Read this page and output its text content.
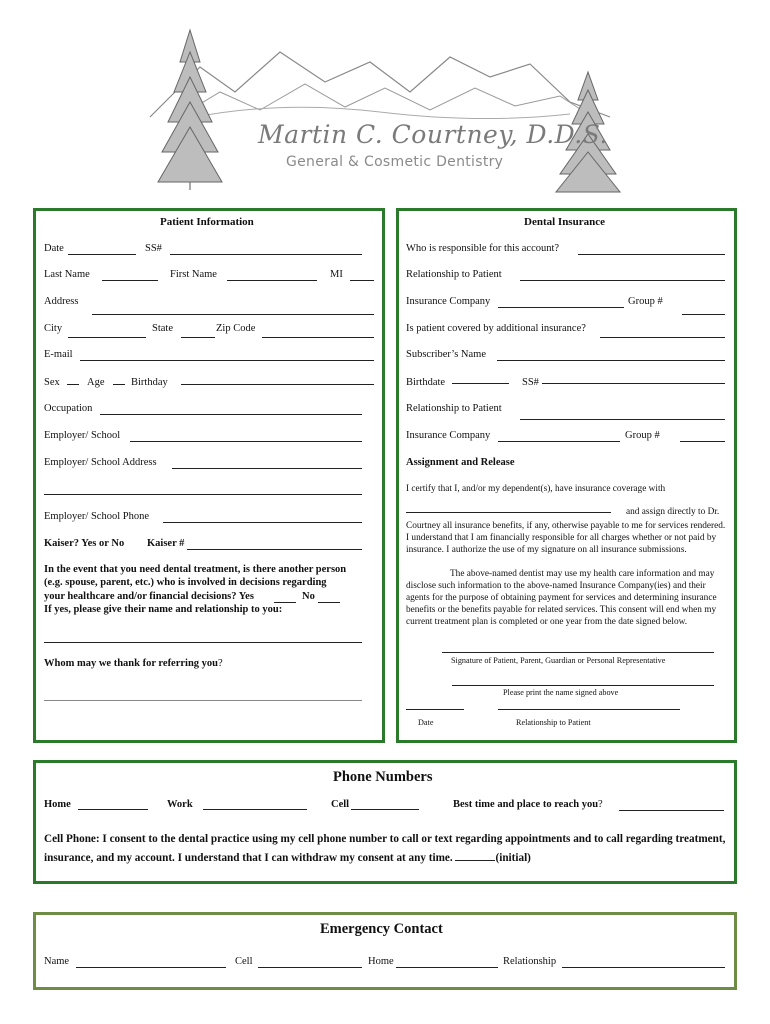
Martin C. Courtney, D.D.S.
General & Cosmetic Dentistry
Patient Information
Date	SS#
Last Name	First Name	MI
Address
City	State	Zip Code
E-mail
Sex	Age	Birthday
Occupation
Employer/ School
Employer/ School Address
Employer/ School Phone
Kaiser? Yes or No Kaiser #
In the event that you need dental treatment, is there another person
(e.g. spouse, parent, etc.) who is involved in decisions regarding
your healthcare and/or financial decisions? Yes	No
If yes, please give their name and relationship to you:
Whom may we thank for referring you?
Dental Insurance
Who is responsible for this account?
Relationship to Patient
Insurance Company	Group #
Is patient covered by additional insurance?
Subscriber’s Name
Birthdate	SS#
Relationship to Patient
Insurance Company	Group #
Assignment and Release
I certify that I, and/or my dependent(s), have insurance coverage with
and assign directly to Dr.
Courtney all insurance benefits, if any, otherwise payable to me for services rendered. I understand that I am financially responsible for all charges whether or not paid by insurance. I authorize the use of my signature on all insurance submissions.
The above-named dentist may use my health care information and may disclose such information to the above-named Insurance Company(ies) and their agents for the purpose of obtaining payment for services and determining insurance benefits or the benefits payable for related services. This consent will end when my current treatment plan is completed or one year from the date signed below.
Signature of Patient, Parent, Guardian or Personal Representative
Please print the name signed above
Date	Relationship to Patient
Phone Numbers
Home	Work	Cell	Best time and place to reach you?
Cell Phone: I consent to the dental practice using my cell phone number to call or text regarding appointments and to call regarding treatment, insurance, and my account. I understand that I can withdraw my consent at any time.	(initial)
Emergency Contact
Name	Cell	Home	Relationship
